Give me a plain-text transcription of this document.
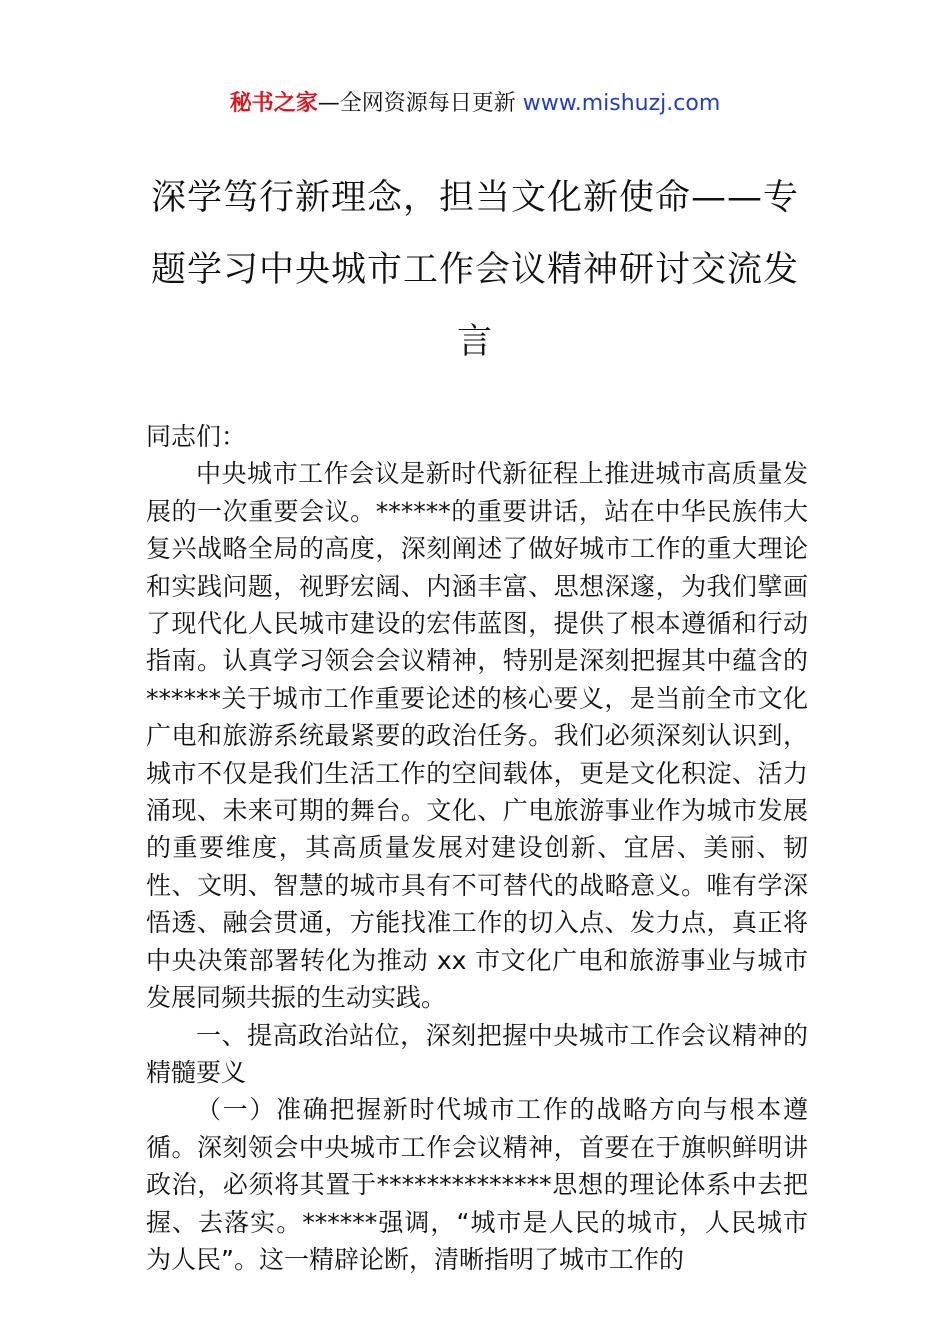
秘书之家—全网资源每日更新 www.mishuzj.com
深学笃行新理念，担当文化新使命——专题学习中央城市工作会议精神研讨交流发言

同志们：

中央城市工作会议是新时代新征程上推进城市高质量发展的一次重要会议。******的重要讲话，站在中华民族伟大复兴战略全局的高度，深刻阐述了做好城市工作的重大理论和实践问题，视野宏阔、内涵丰富、思想深邃，为我们擘画了现代化人民城市建设的宏伟蓝图，提供了根本遵循和行动指南。认真学习领会会议精神，特别是深刻把握其中蕴含的******关于城市工作重要论述的核心要义，是当前全市文化广电和旅游系统最紧要的政治任务。我们必须深刻认识到，城市不仅是我们生活工作的空间载体，更是文化积淀、活力涌现、未来可期的舞台。文化、广电旅游事业作为城市发展的重要维度，其高质量发展对建设创新、宜居、美丽、韧性、文明、智慧的城市具有不可替代的战略意义。唯有学深悟透、融会贯通，方能找准工作的切入点、发力点，真正将中央决策部署转化为推动 xx 市文化广电和旅游事业与城市发展同频共振的生动实践。

一、提高政治站位，深刻把握中央城市工作会议精神的精髓要义

（一）准确把握新时代城市工作的战略方向与根本遵循。深刻领会中央城市工作会议精神，首要在于旗帜鲜明讲政治，必须将其置于**************思想的理论体系中去把握、去落实。******强调，“城市是人民的城市，人民城市为人民”。这一精辟论断，清晰指明了城市工作的
